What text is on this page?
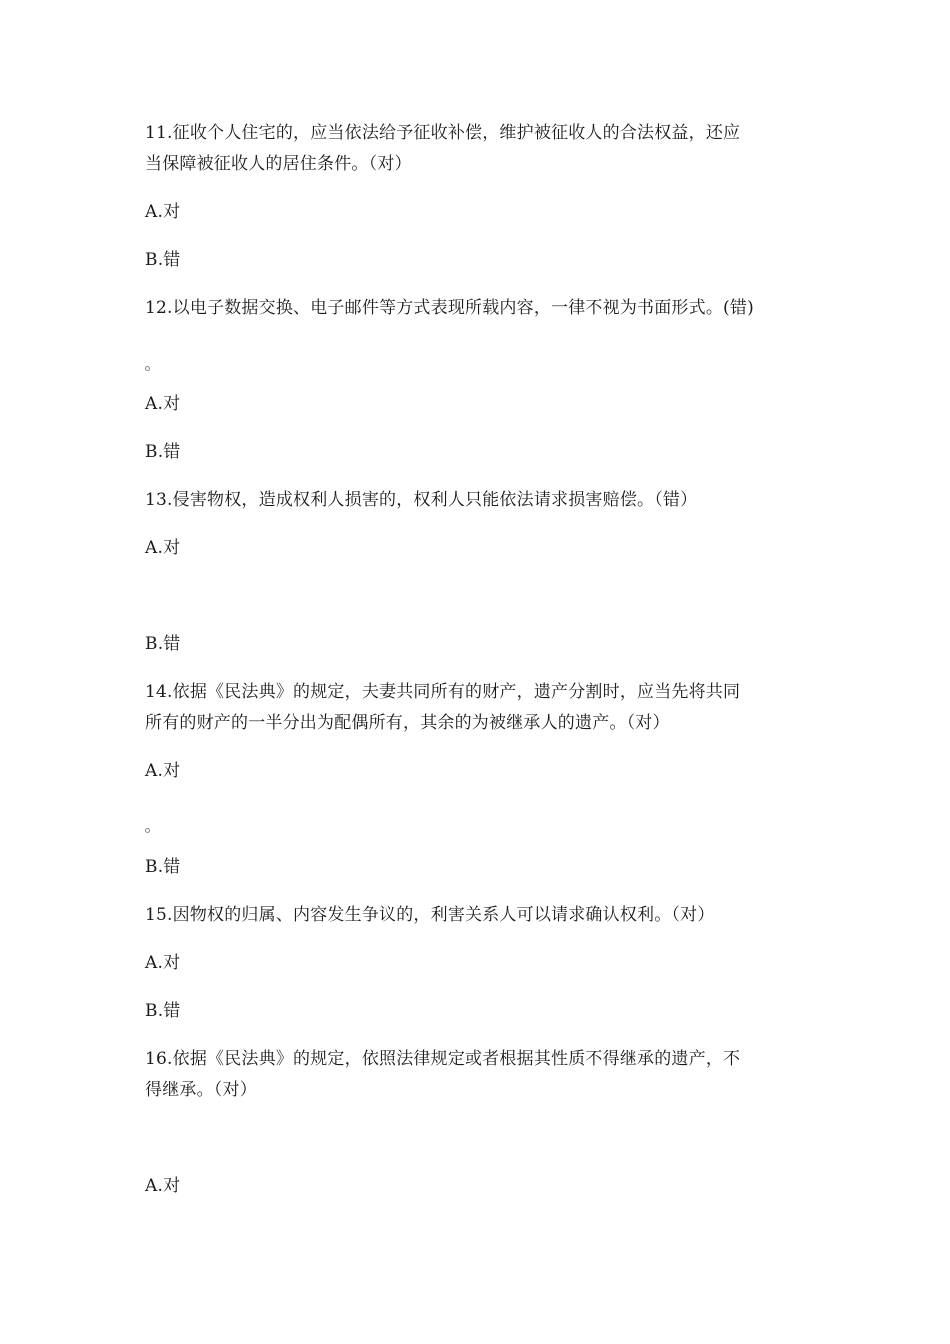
11.征收个人住宅的，应当依法给予征收补偿，维护被征收人的合法权益，还应
当保障被征收人的居住条件。（对）
A.对
B.错
12.以电子数据交换、电子邮件等方式表现所载内容，一律不视为书面形式。(错)
A.对
B.错
13.侵害物权，造成权利人损害的，权利人只能依法请求损害赔偿。（错）
A.对
B.错
14.依据《民法典》的规定，夫妻共同所有的财产，遗产分割时，应当先将共同
所有的财产的一半分出为配偶所有，其余的为被继承人的遗产。（对）
A.对
B.错
15.因物权的归属、内容发生争议的，利害关系人可以请求确认权利。（对）
A.对
B.错
16.依据《民法典》的规定，依照法律规定或者根据其性质不得继承的遗产，不
得继承。（对）
A.对
